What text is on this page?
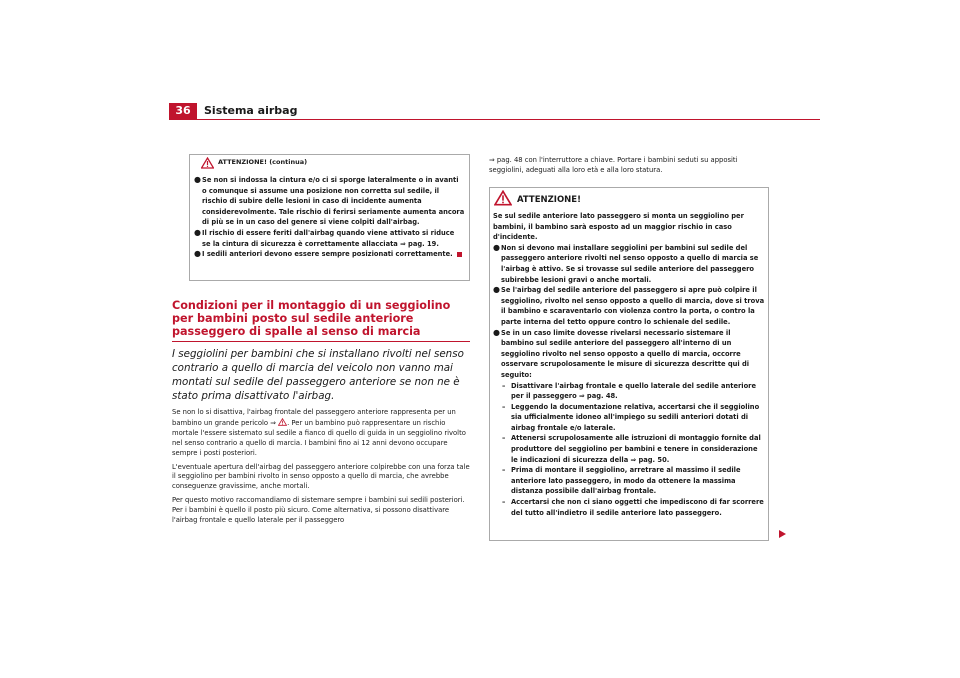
36	Sistema airbag
ATTENZIONE! (continua)

● Se non si indossa la cintura e/o ci si sporge lateralmente o in avanti o comunque si assume una posizione non corretta sul sedile, il rischio di subire delle lesioni in caso di incidente aumenta considerevolmente. Tale rischio di ferirsi seriamente aumenta ancora di più se in un caso del genere si viene colpiti dall'airbag.

● Il rischio di essere feriti dall'airbag quando viene attivato si riduce se la cintura di sicurezza è correttamente allacciata ⇒ pag. 19.

● I sedili anteriori devono essere sempre posizionati correttamente.

Condizioni per il montaggio di un seggiolino per bambini posto sul sedile anteriore passeggero di spalle al senso di marcia
I seggiolini per bambini che si installano rivolti nel senso contrario a quello di marcia del veicolo non vanno mai montati sul sedile del passeggero anteriore se non ne è stato prima disattivato l'airbag.

Se non lo si disattiva, l'airbag frontale del passeggero anteriore rappresenta per un bambino un grande pericolo ⇒ . Per un bambino può rappresentare un rischio mortale l'essere sistemato sul sedile a fianco di quello di guida in un seggiolino rivolto nel senso contrario a quello di marcia. I bambini fino ai 12 anni devono occupare sempre i posti posteriori.

L'eventuale apertura dell'airbag del passeggero anteriore colpirebbe con una forza tale il seggiolino per bambini rivolto in senso opposto a quello di marcia, che avrebbe conseguenze gravissime, anche mortali.

Per questo motivo raccomandiamo di sistemare sempre i bambini sui sedili posteriori. Per i bambini è quello il posto più sicuro. Come alternativa, si possono disattivare l'airbag frontale e quello laterale per il passeggero

⇒ pag. 48 con l'interruttore a chiave. Portare i bambini seduti su appositi seggiolini, adeguati alla loro età e alla loro statura.

ATTENZIONE!

Se sul sedile anteriore lato passeggero si monta un seggiolino per bambini, il bambino sarà esposto ad un maggior rischio in caso d'incidente.

● Non si devono mai installare seggiolini per bambini sul sedile del passeggero anteriore rivolti nel senso opposto a quello di marcia se l'airbag è attivo. Se si trovasse sul sedile anteriore del passeggero subirebbe lesioni gravi o anche mortali.

● Se l'airbag del sedile anteriore del passeggero si apre può colpire il seggiolino, rivolto nel senso opposto a quello di marcia, dove si trova il bambino e scaraventarlo con violenza contro la porta, o contro la parte interna del tetto oppure contro lo schienale del sedile.

● Se in un caso limite dovesse rivelarsi necessario sistemare il bambino sul sedile anteriore del passeggero all'interno di un seggiolino rivolto nel senso opposto a quello di marcia, occorre osservare scrupolosamente le misure di sicurezza descritte qui di seguito:

– Disattivare l'airbag frontale e quello laterale del sedile anteriore per il passeggero ⇒ pag. 48.

– Leggendo la documentazione relativa, accertarsi che il seggiolino sia ufficialmente idoneo all'impiego su sedili anteriori dotati di airbag frontale e/o laterale.

– Attenersi scrupolosamente alle istruzioni di montaggio fornite dal produttore del seggiolino per bambini e tenere in considerazione le indicazioni di sicurezza della ⇒ pag. 50.

– Prima di montare il seggiolino, arretrare al massimo il sedile anteriore lato passeggero, in modo da ottenere la massima distanza possibile dall'airbag frontale.

– Accertarsi che non ci siano oggetti che impediscono di far scorrere del tutto all'indietro il sedile anteriore lato passeggero.
